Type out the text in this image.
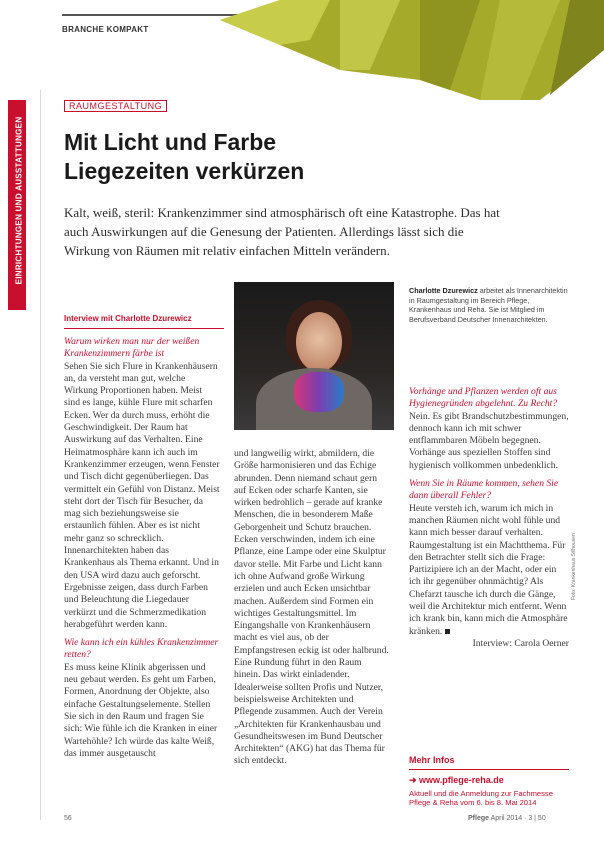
BRANCHE KOMPAKT
EINRICHTUNGEN UND AUSSTATTUNGEN
RAUMGESTALTUNG
Mit Licht und Farbe
Liegezeiten verkürzen
Kalt, weiß, steril: Krankenzimmer sind atmosphärisch oft eine Katastrophe. Das hat auch Auswirkungen auf die Genesung der Patienten. Allerdings lässt sich die Wirkung von Räumen mit relativ einfachen Mitteln verändern.
Interview mit Charlotte Dzurewicz

Warum wirken man nur der weißen Krankenzimmern färbe ist

Sehen Sie sich Flure in Krankenhäusern an, da versteht man gut, welche Wirkung Proportionen haben. Meist sind es lange, kühle Flure mit scharfen Ecken. Wer da durch muss, erhöht die Geschwindigkeit. Der Raum hat Auswirkung auf das Verhalten. Eine Heimatmosphäre kann ich auch im Krankenzimmer erzeugen, wenn Fenster und Tisch dicht gegenüberliegen. Das vermittelt ein Gefühl von Distanz. Meist steht dort der Tisch für Besucher, da mag sich beziehungsweise sie erstaunlich fühlen. Aber es ist nicht mehr ganz so schrecklich. Innenarchitekten haben das Krankenhaus als Thema erkannt. Und in den USA wird dazu auch geforscht. Ergebnisse zeigen, dass durch Farben und Beleuchtung die Liegedauer verkürzt und die Schmerzmedikation herabgeführt werden kann.

Wie kann ich ein kühles Krankenzimmer retten?

Es muss keine Klinik abgerissen und neu gebaut werden. Es geht um Farben, Formen, Anordnung der Objekte, also einfache Gestaltungselemente. Stellen Sie sich in den Raum und fragen Sie sich: Wie fühle ich die Kranken in einer Wartehöhle? Ich würde das kalte Weiß, das immer ausgetauscht

Charlotte Dzurewicz arbeitet als Innenarchitektin in Raumgestaltung im Bereich Pflege, Krankenhaus und Reha. Sie ist Mitglied im Berufsverband Deutscher Innenarchitekten.

und langweilig wirkt, abmildern, die Größe harmonisieren und das Echige abrunden. Denn niemand schaut gern auf Ecken oder scharfe Kanten, sie wirken bedrohlich – gerade auf kranke Menschen, die in besonderem Maße Geborgenheit und Schutz brauchen. Ecken verschwinden, indem ich eine Pflanze, eine Lampe oder eine Skulptur davor stelle. Mit Farbe und Licht kann ich ohne Aufwand große Wirkung erzielen und auch Ecken unsichtbar machen. Außerdem sind Formen ein wichtiges Gestaltungsmittel. Im Eingangshalle von Krankenhäusern macht es viel aus, ob der Empfangstresen eckig ist oder halbrund. Eine Rundung führt in den Raum hinein. Das wirkt einladender. Idealerweise sollten Profis und Nutzer, beispielsweise Architekten und Pflegende zusammen. Auch der Verein „Architekten für Krankenhausbau und Gesundheitswesen im Bund Deutscher Architekten“ (AKG) hat das Thema für sich entdeckt.

Vorhänge und Pflanzen werden oft aus Hygienegründen abgelehnt. Zu Recht?

Nein. Es gibt Brandschutzbestimmungen, dennoch kann ich mit schwer entflammbaren Möbeln begegnen. Vorhänge aus speziellen Stoffen sind hygienisch vollkommen unbedenklich.

Wenn Sie in Räume kommen, sehen Sie dann überall Fehler?

Heute versteh ich, warum ich mich in manchen Räumen nicht wohl fühle und kann mich besser darauf verhalten. Raumgestaltung ist ein Machtthema. Für den Betrachter stellt sich die Frage: Partizipiere ich an der Macht, oder ein ich ihr gegenüber ohnmächtig? Als Chefarzt tausche ich durch die Gänge, weil die Architektur mich entfernt. Wenn ich krank bin, kann mich die Atmosphäre kränken.

Interview: Carola Oerner

Foto: Krankenhaus Sillhousen
Mehr Infos
➜ www.pflege-reha.de
Aktuell und die Anmeldung zur Fachmesse Pflege & Reha vom 6. bis 8. Mai 2014
56	Pflege April 2014 · 3 | 50
